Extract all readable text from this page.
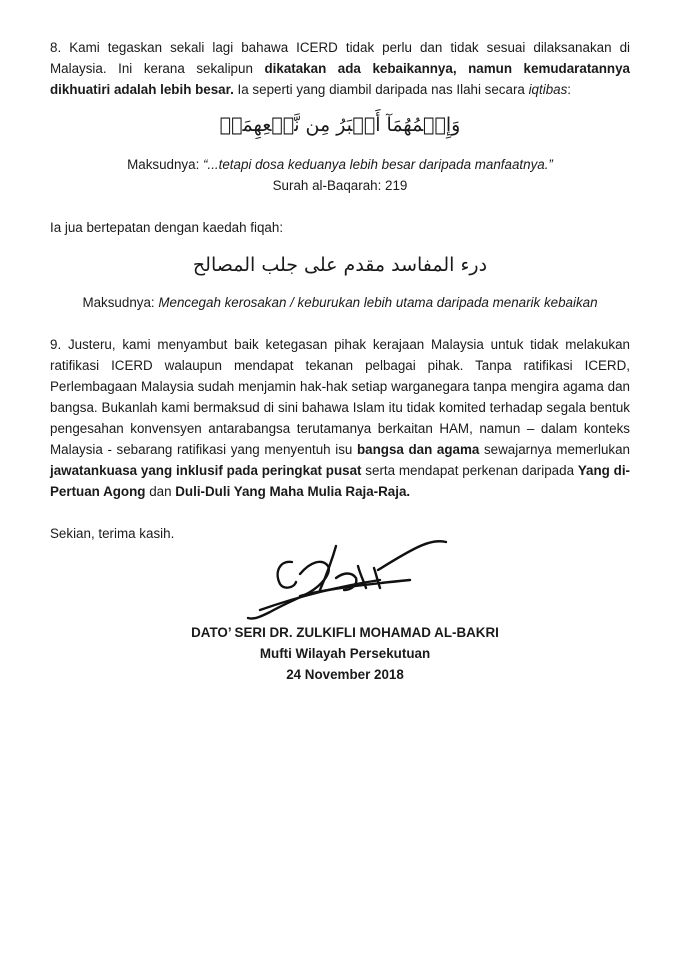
8. Kami tegaskan sekali lagi bahawa ICERD tidak perlu dan tidak sesuai dilaksanakan di Malaysia. Ini kerana sekalipun dikatakan ada kebaikannya, namun kemudaratannya dikhuatiri adalah lebih besar. Ia seperti yang diambil daripada nas Ilahi secara iqtibas:

وَإِثۡمُهُمَآ أَكۡبَرُ مِن نَّفۡعِهِمَاۗ

Maksudnya: “...tetapi dosa keduanya lebih besar daripada manfaatnya.”

Surah al-Baqarah: 219

Ia jua bertepatan dengan kaedah fiqah:

درء المفاسد مقدم على جلب المصالح

Maksudnya: Mencegah kerosakan / keburukan lebih utama daripada menarik kebaikan

9. Justeru, kami menyambut baik ketegasan pihak kerajaan Malaysia untuk tidak melakukan ratifikasi ICERD walaupun mendapat tekanan pelbagai pihak. Tanpa ratifikasi ICERD, Perlembagaan Malaysia sudah menjamin hak-hak setiap warganegara tanpa mengira agama dan bangsa. Bukanlah kami bermaksud di sini bahawa Islam itu tidak komited terhadap segala bentuk pengesahan konvensyen antarabangsa terutamanya berkaitan HAM, namun – dalam konteks Malaysia - sebarang ratifikasi yang menyentuh isu bangsa dan agama sewajarnya memerlukan jawatankuasa yang inklusif pada peringkat pusat serta mendapat perkenan daripada Yang di-Pertuan Agong dan Duli-Duli Yang Maha Mulia Raja-Raja.

Sekian, terima kasih.

DATO’ SERI DR. ZULKIFLI MOHAMAD AL-BAKRI
Mufti Wilayah Persekutuan
24 November 2018
